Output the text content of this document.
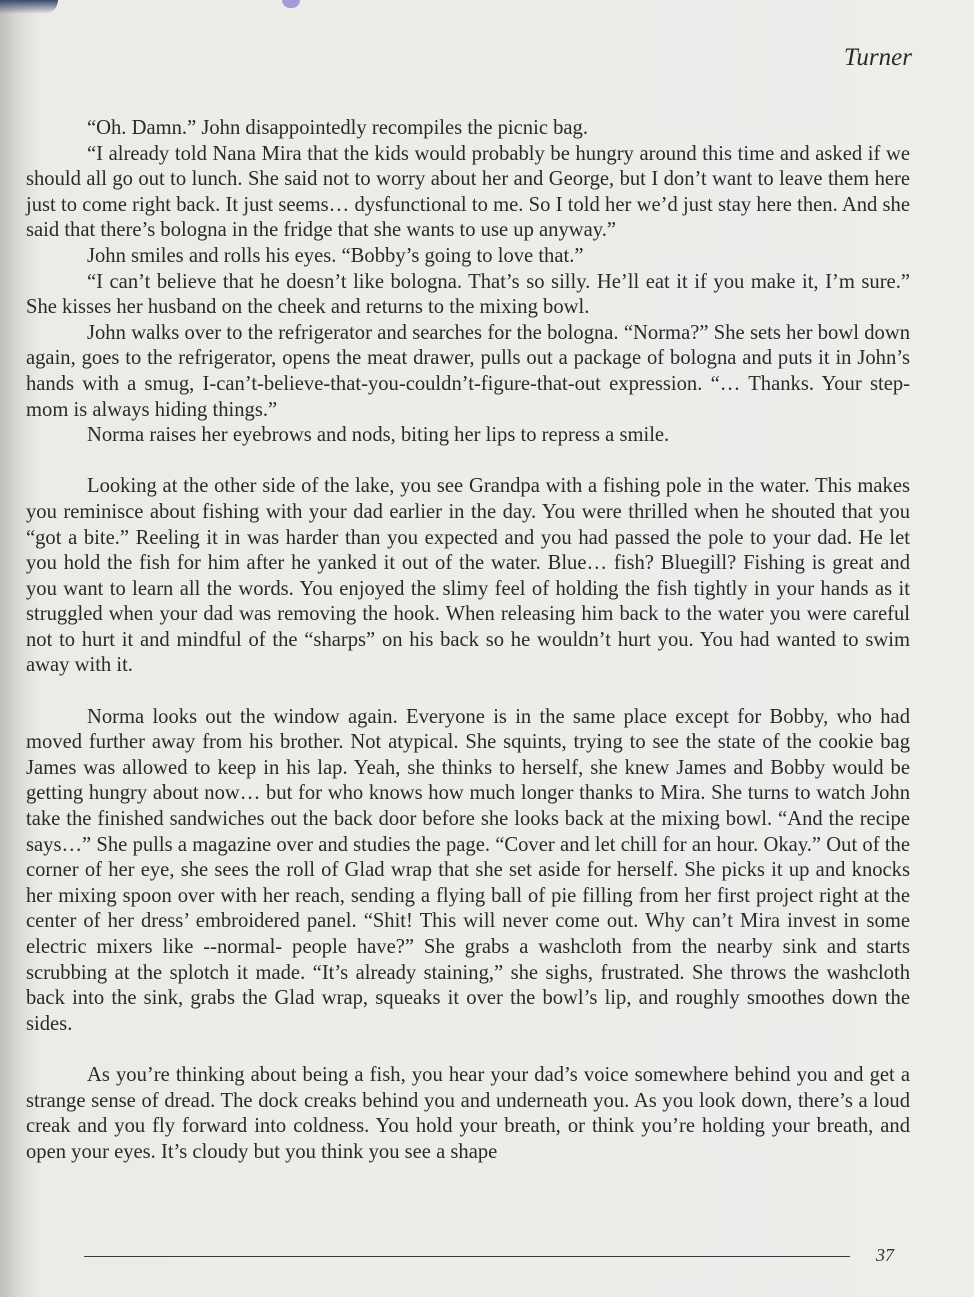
Turner

“Oh. Damn.” John disappointedly recompiles the picnic bag.

“I already told Nana Mira that the kids would probably be hungry around this time and asked if we should all go out to lunch. She said not to worry about her and George, but I don’t want to leave them here just to come right back. It just seems… dysfunctional to me. So I told her we’d just stay here then. And she said that there’s bologna in the fridge that she wants to use up anyway.”

John smiles and rolls his eyes. “Bobby’s going to love that.”

“I can’t believe that he doesn’t like bologna. That’s so silly. He’ll eat it if you make it, I’m sure.” She kisses her husband on the cheek and returns to the mixing bowl.

John walks over to the refrigerator and searches for the bologna. “Norma?” She sets her bowl down again, goes to the refrigerator, opens the meat drawer, pulls out a package of bologna and puts it in John’s hands with a smug, I-can’t-believe-that-you-couldn’t-figure-that-out expression. “… Thanks. Your step-mom is always hiding things.”

Norma raises her eyebrows and nods, biting her lips to repress a smile.

Looking at the other side of the lake, you see Grandpa with a fishing pole in the water. This makes you reminisce about fishing with your dad earlier in the day. You were thrilled when he shouted that you “got a bite.” Reeling it in was harder than you expected and you had passed the pole to your dad. He let you hold the fish for him after he yanked it out of the water. Blue… fish? Bluegill? Fishing is great and you want to learn all the words. You enjoyed the slimy feel of holding the fish tightly in your hands as it struggled when your dad was removing the hook. When releasing him back to the water you were careful not to hurt it and mindful of the “sharps” on his back so he wouldn’t hurt you. You had wanted to swim away with it.

Norma looks out the window again. Everyone is in the same place except for Bobby, who had moved further away from his brother. Not atypical. She squints, trying to see the state of the cookie bag James was allowed to keep in his lap. Yeah, she thinks to herself, she knew James and Bobby would be getting hungry about now… but for who knows how much longer thanks to Mira. She turns to watch John take the finished sandwiches out the back door before she looks back at the mixing bowl. “And the recipe says…” She pulls a magazine over and studies the page. “Cover and let chill for an hour. Okay.” Out of the corner of her eye, she sees the roll of Glad wrap that she set aside for herself. She picks it up and knocks her mixing spoon over with her reach, sending a flying ball of pie filling from her first project right at the center of her dress’ embroidered panel. “Shit! This will never come out. Why can’t Mira invest in some electric mixers like --normal- people have?” She grabs a washcloth from the nearby sink and starts scrubbing at the splotch it made. “It’s already staining,” she sighs, frustrated. She throws the washcloth back into the sink, grabs the Glad wrap, squeaks it over the bowl’s lip, and roughly smoothes down the sides.

As you’re thinking about being a fish, you hear your dad’s voice somewhere behind you and get a strange sense of dread. The dock creaks behind you and underneath you. As you look down, there’s a loud creak and you fly forward into coldness. You hold your breath, or think you’re holding your breath, and open your eyes. It’s cloudy but you think you see a shape

37
